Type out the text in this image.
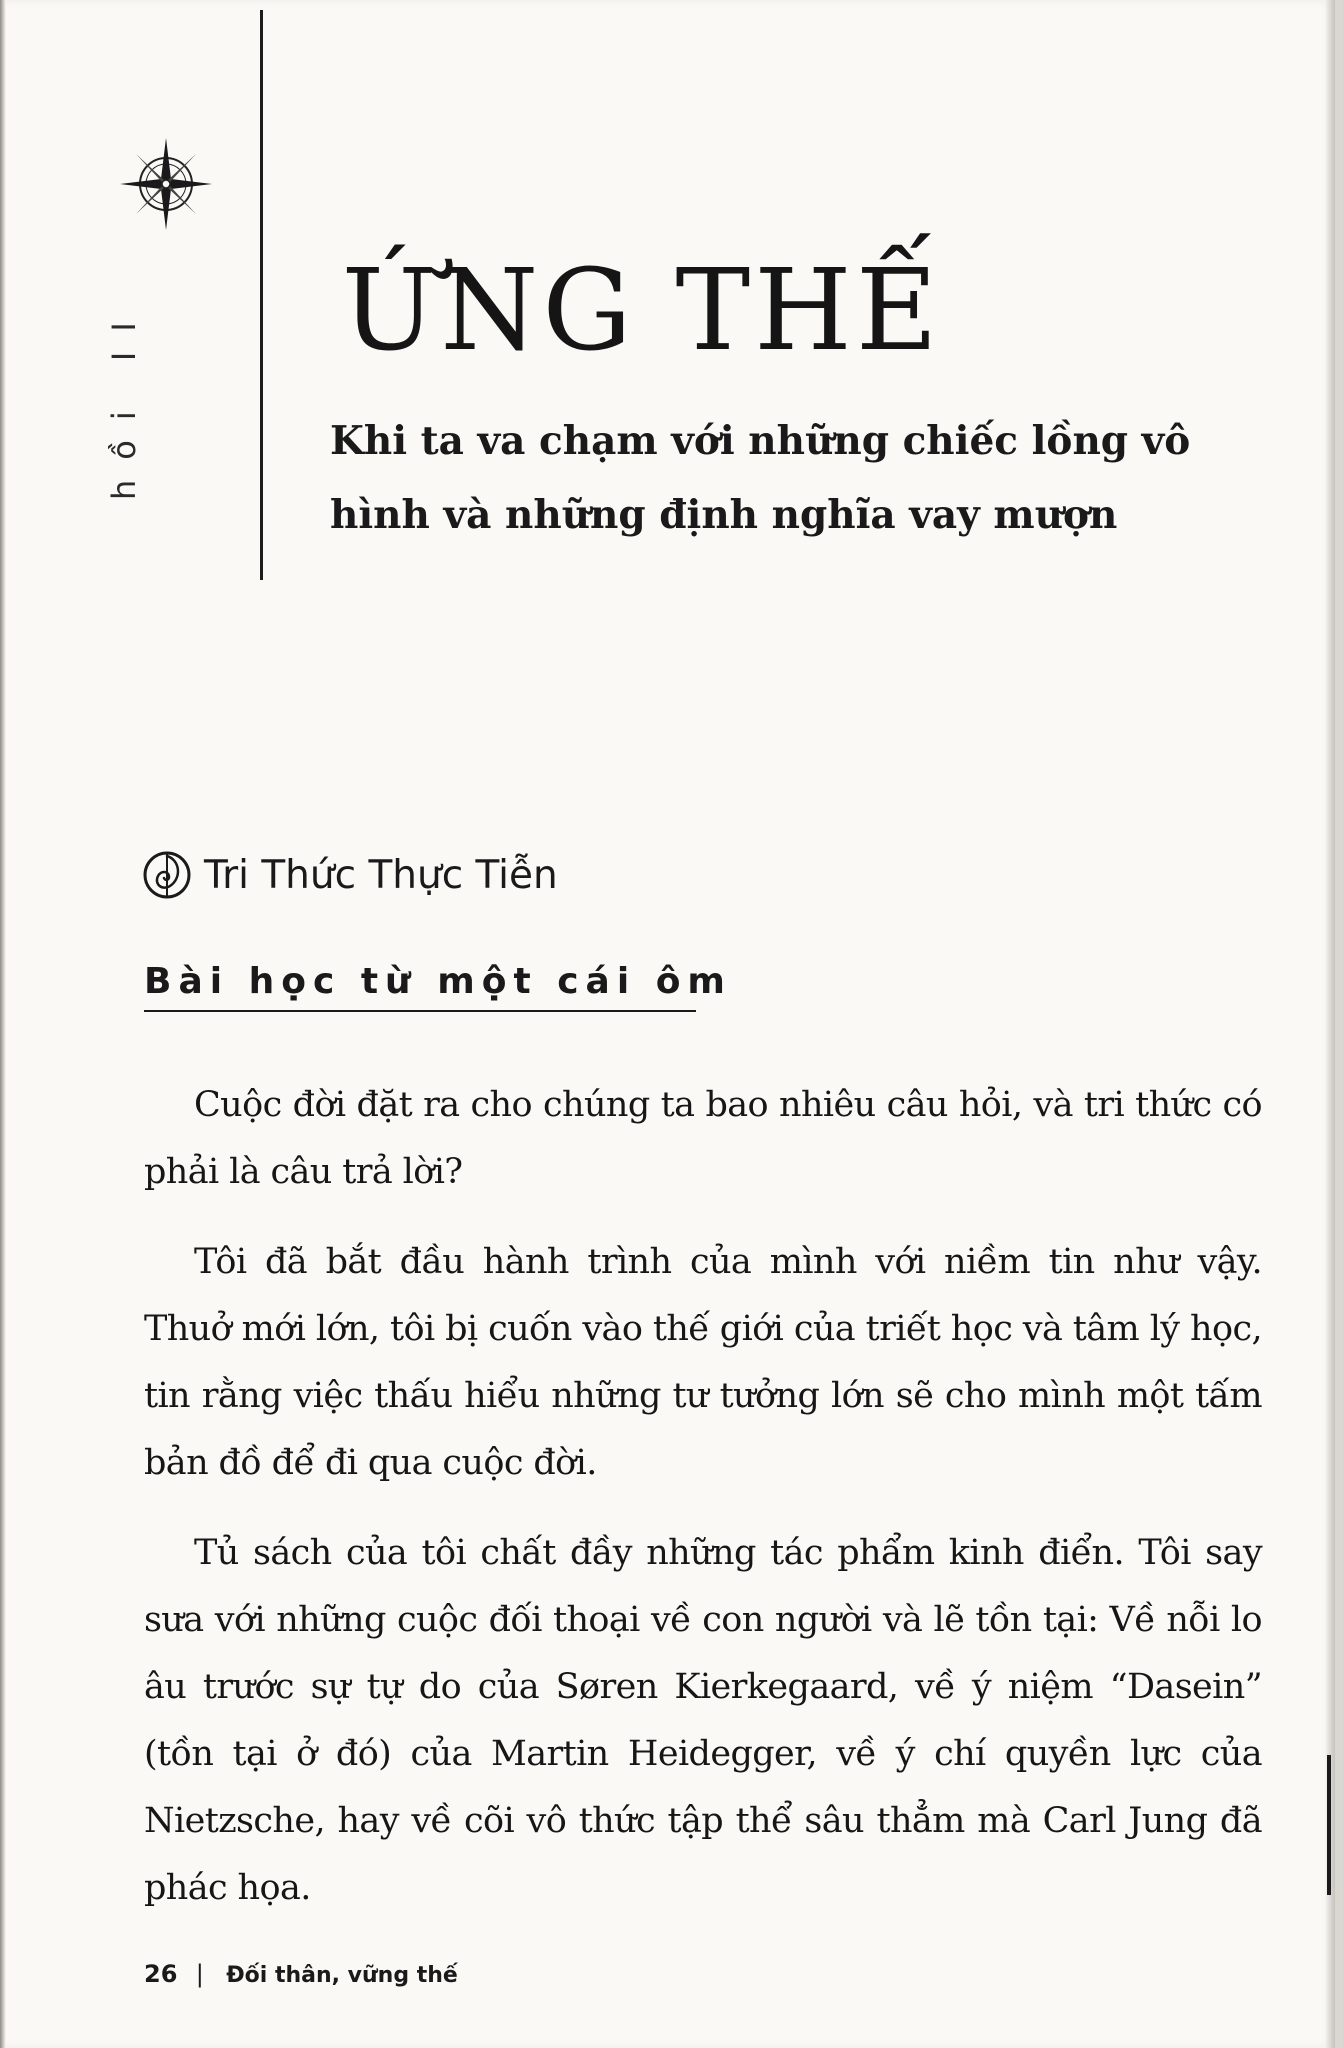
hồi II ỨNG THẾ
Khi ta va chạm với những chiếc lồng vô
hình và những định nghĩa vay mượn
Tri Thức Thực Tiễn
Bài học từ một cái ôm

Cuộc đời đặt ra cho chúng ta bao nhiêu câu hỏi, và tri thức có phải là câu trả lời?

Tôi đã bắt đầu hành trình của mình với niềm tin như vậy. Thuở mới lớn, tôi bị cuốn vào thế giới của triết học và tâm lý học, tin rằng việc thấu hiểu những tư tưởng lớn sẽ cho mình một tấm bản đồ để đi qua cuộc đời.

Tủ sách của tôi chất đầy những tác phẩm kinh điển. Tôi say sưa với những cuộc đối thoại về con người và lẽ tồn tại: Về nỗi lo âu trước sự tự do của Søren Kierkegaard, về ý niệm “Dasein” (tồn tại ở đó) của Martin Heidegger, về ý chí quyền lực của Nietzsche, hay về cõi vô thức tập thể sâu thẳm mà Carl Jung đã phác họa.

26 | Đối thân, vững thế
